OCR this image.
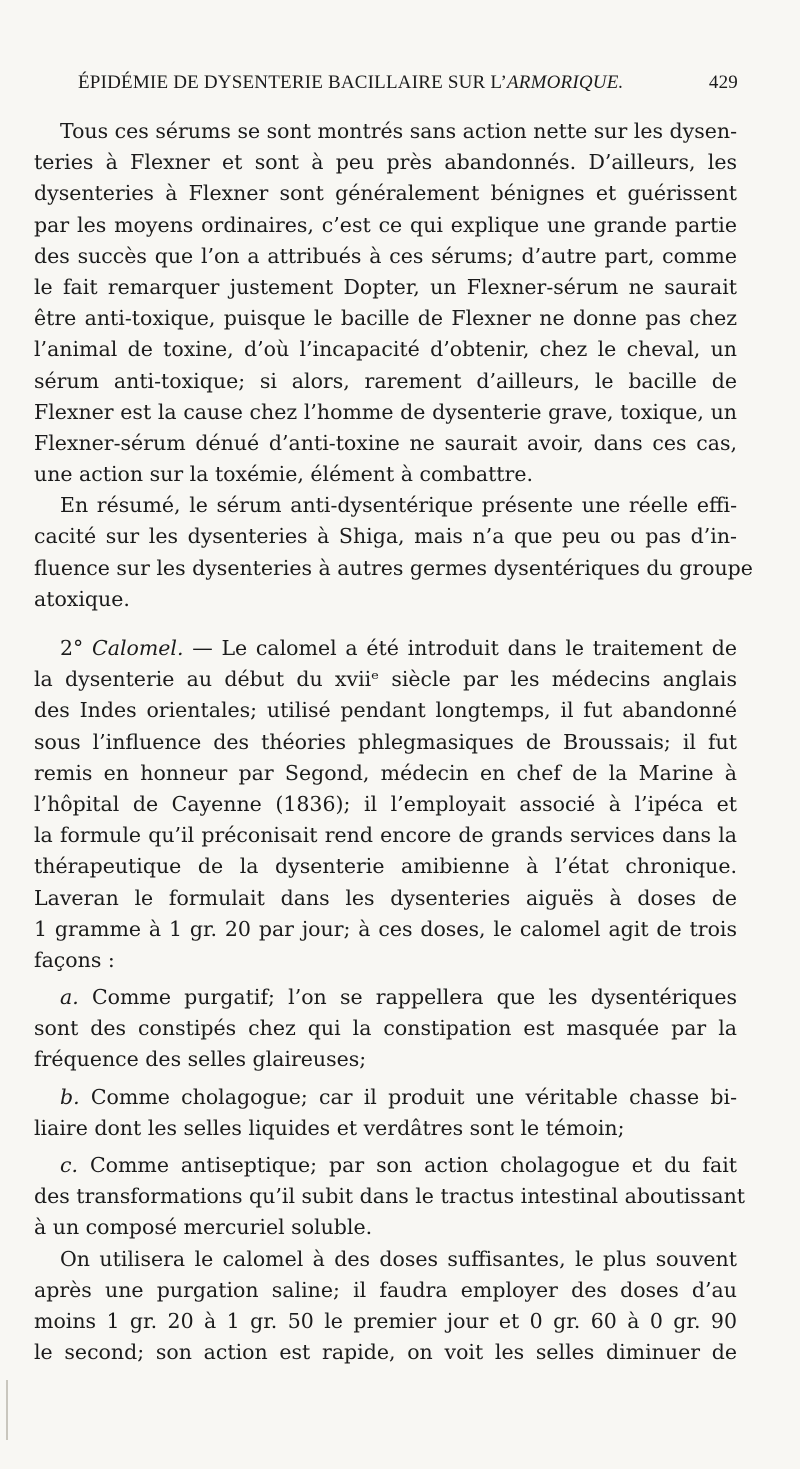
ÉPIDÉMIE DE DYSENTERIE BACILLAIRE SUR L’ARMORIQUE.	429
Tous ces sérums se sont montrés sans action nette sur les dysen-
teries à Flexner et sont à peu près abandonnés. D’ailleurs, les
dysenteries à Flexner sont généralement bénignes et guérissent
par les moyens ordinaires, c’est ce qui explique une grande partie
des succès que l’on a attribués à ces sérums; d’autre part, comme
le fait remarquer justement Dopter, un Flexner-sérum ne saurait
être anti-toxique, puisque le bacille de Flexner ne donne pas chez
l’animal de toxine, d’où l’incapacité d’obtenir, chez le cheval, un
sérum anti-toxique; si alors, rarement d’ailleurs, le bacille de
Flexner est la cause chez l’homme de dysenterie grave, toxique, un
Flexner-sérum dénué d’anti-toxine ne saurait avoir, dans ces cas,
une action sur la toxémie, élément à combattre.
En résumé, le sérum anti-dysentérique présente une réelle effi-
cacité sur les dysenteries à Shiga, mais n’a que peu ou pas d’in-
fluence sur les dysenteries à autres germes dysentériques du groupe
atoxique.
2° Calomel. — Le calomel a été introduit dans le traitement de
la dysenterie au début du xviiᵉ siècle par les médecins anglais
des Indes orientales; utilisé pendant longtemps, il fut abandonné
sous l’influence des théories phlegmasiques de Broussais; il fut
remis en honneur par Segond, médecin en chef de la Marine à
l’hôpital de Cayenne (1836); il l’employait associé à l’ipéca et
la formule qu’il préconisait rend encore de grands services dans la
thérapeutique de la dysenterie amibienne à l’état chronique.
Laveran le formulait dans les dysenteries aiguës à doses de
1 gramme à 1 gr. 20 par jour; à ces doses, le calomel agit de trois
façons :
a. Comme purgatif; l’on se rappellera que les dysentériques
sont des constipés chez qui la constipation est masquée par la
fréquence des selles glaireuses;
b. Comme cholagogue; car il produit une véritable chasse bi-
liaire dont les selles liquides et verdâtres sont le témoin;
c. Comme antiseptique; par son action cholagogue et du fait
des transformations qu’il subit dans le tractus intestinal aboutissant
à un composé mercuriel soluble.
On utilisera le calomel à des doses suffisantes, le plus souvent
après une purgation saline; il faudra employer des doses d’au
moins 1 gr. 20 à 1 gr. 50 le premier jour et 0 gr. 60 à 0 gr. 90
le second; son action est rapide, on voit les selles diminuer de
